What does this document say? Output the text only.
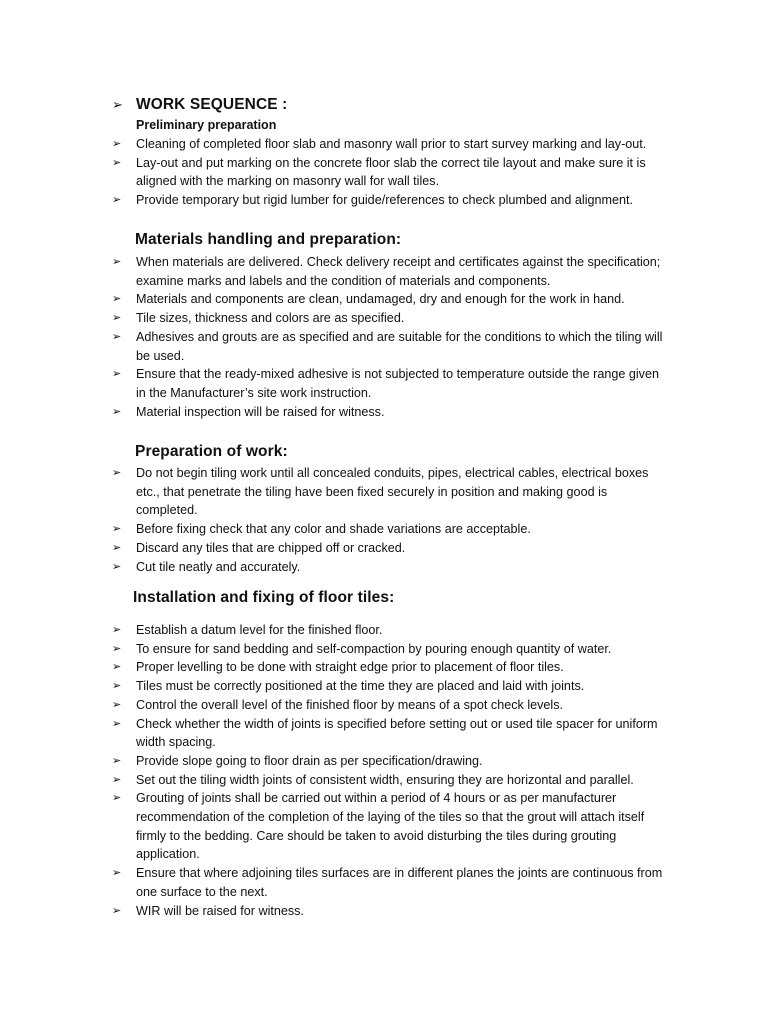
➢ WORK SEQUENCE :
Preliminary preparation
➢ Cleaning of completed floor slab and masonry wall prior to start survey marking and lay-out.
➢ Lay-out and put marking on the concrete floor slab the correct tile layout and make sure it is aligned with the marking on masonry wall for wall tiles.
➢ Provide temporary but rigid lumber for guide/references to check plumbed and alignment.
Materials handling and preparation:
➢ When materials are delivered. Check delivery receipt and certificates against the specification; examine marks and labels and the condition of materials and components.
➢ Materials and components are clean, undamaged, dry and enough for the work in hand.
➢ Tile sizes, thickness and colors are as specified.
➢ Adhesives and grouts are as specified and are suitable for the conditions to which the tiling will be used.
➢ Ensure that the ready-mixed adhesive is not subjected to temperature outside the range given in the Manufacturer’s site work instruction.
➢ Material inspection will be raised for witness.
Preparation of work:
➢ Do not begin tiling work until all concealed conduits, pipes, electrical cables, electrical boxes etc., that penetrate the tiling have been fixed securely in position and making good is completed.
➢ Before fixing check that any color and shade variations are acceptable.
➢ Discard any tiles that are chipped off or cracked.
➢ Cut tile neatly and accurately.
Installation and fixing of floor tiles:
➢ Establish a datum level for the finished floor.
➢ To ensure for sand bedding and self-compaction by pouring enough quantity of water.
➢ Proper levelling to be done with straight edge prior to placement of floor tiles.
➢ Tiles must be correctly positioned at the time they are placed and laid with joints.
➢ Control the overall level of the finished floor by means of a spot check levels.
➢ Check whether the width of joints is specified before setting out or used tile spacer for uniform width spacing.
➢ Provide slope going to floor drain as per specification/drawing.
➢ Set out the tiling width joints of consistent width, ensuring they are horizontal and parallel.
➢ Grouting of joints shall be carried out within a period of 4 hours or as per manufacturer recommendation of the completion of the laying of the tiles so that the grout will attach itself firmly to the bedding. Care should be taken to avoid disturbing the tiles during grouting application.
➢ Ensure that where adjoining tiles surfaces are in different planes the joints are continuous from one surface to the next.
➢ WIR will be raised for witness.
